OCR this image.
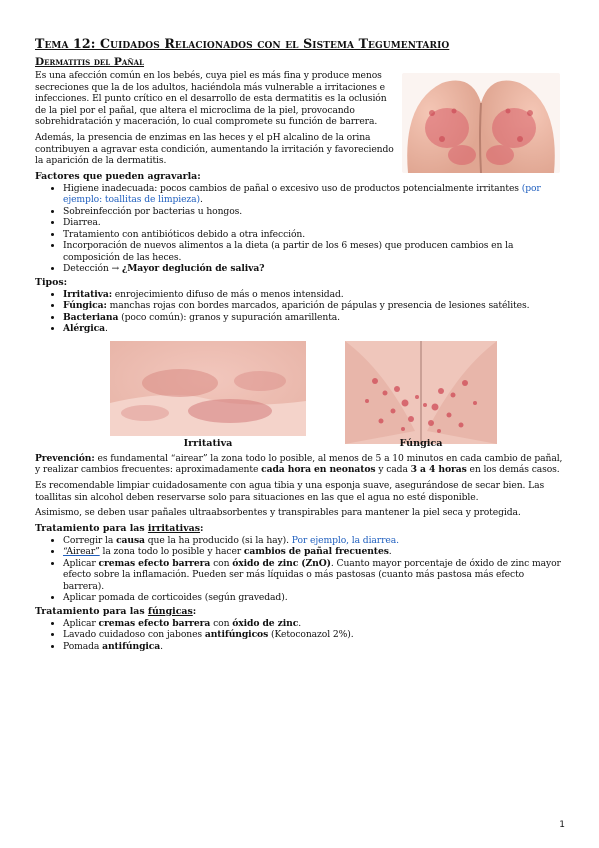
Tema 12: Cuidados Relacionados con el Sistema Tegumentario
Dermatitis del Pañal
Es una afección común en los bebés, cuya piel es más fina y produce menos secreciones que la de los adultos, haciéndola más vulnerable a irritaciones e infecciones. El punto crítico en el desarrollo de esta dermatitis es la oclusión de la piel por el pañal, que altera el microclima de la piel, provocando sobrehidratación y maceración, lo cual compromete su función de barrera.
Además, la presencia de enzimas en las heces y el pH alcalino de la orina contribuyen a agravar esta condición, aumentando la irritación y favoreciendo la aparición de la dermatitis.
Factores que pueden agravarla:
• Higiene inadecuada: pocos cambios de pañal o excesivo uso de productos potencialmente irritantes (por ejemplo: toallitas de limpieza).
• Sobreinfección por bacterias u hongos.
• Diarrea.
• Tratamiento con antibióticos debido a otra infección.
• Incorporación de nuevos alimentos a la dieta (a partir de los 6 meses) que producen cambios en la composición de las heces.
• Detección → ¿Mayor deglución de saliva?
Tipos:
• Irritativa: enrojecimiento difuso de más o menos intensidad.
• Fúngica: manchas rojas con bordes marcados, aparición de pápulas y presencia de lesiones satélites.
• Bacteriana (poco común): granos y supuración amarillenta.
• Alérgica.
Irritativa	Fúngica
Prevención: es fundamental “airear” la zona todo lo posible, al menos de 5 a 10 minutos en cada cambio de pañal, y realizar cambios frecuentes: aproximadamente cada hora en neonatos y cada 3 a 4 horas en los demás casos.
Es recomendable limpiar cuidadosamente con agua tibia y una esponja suave, asegurándose de secar bien. Las toallitas sin alcohol deben reservarse solo para situaciones en las que el agua no esté disponible.
Asimismo, se deben usar pañales ultraabsorbentes y transpirables para mantener la piel seca y protegida.
Tratamiento para las irritativas:
• Corregir la causa que la ha producido (si la hay). Por ejemplo, la diarrea.
• “Airear” la zona todo lo posible y hacer cambios de pañal frecuentes.
• Aplicar cremas efecto barrera con óxido de zinc (ZnO). Cuanto mayor porcentaje de óxido de zinc mayor efecto sobre la inflamación. Pueden ser más líquidas o más pastosas (cuanto más pastosa más efecto barrera).
• Aplicar pomada de corticoides (según gravedad).
Tratamiento para las fúngicas:
• Aplicar cremas efecto barrera con óxido de zinc.
• Lavado cuidadoso con jabones antifúngicos (Ketoconazol 2%).
• Pomada antifúngica.
1
